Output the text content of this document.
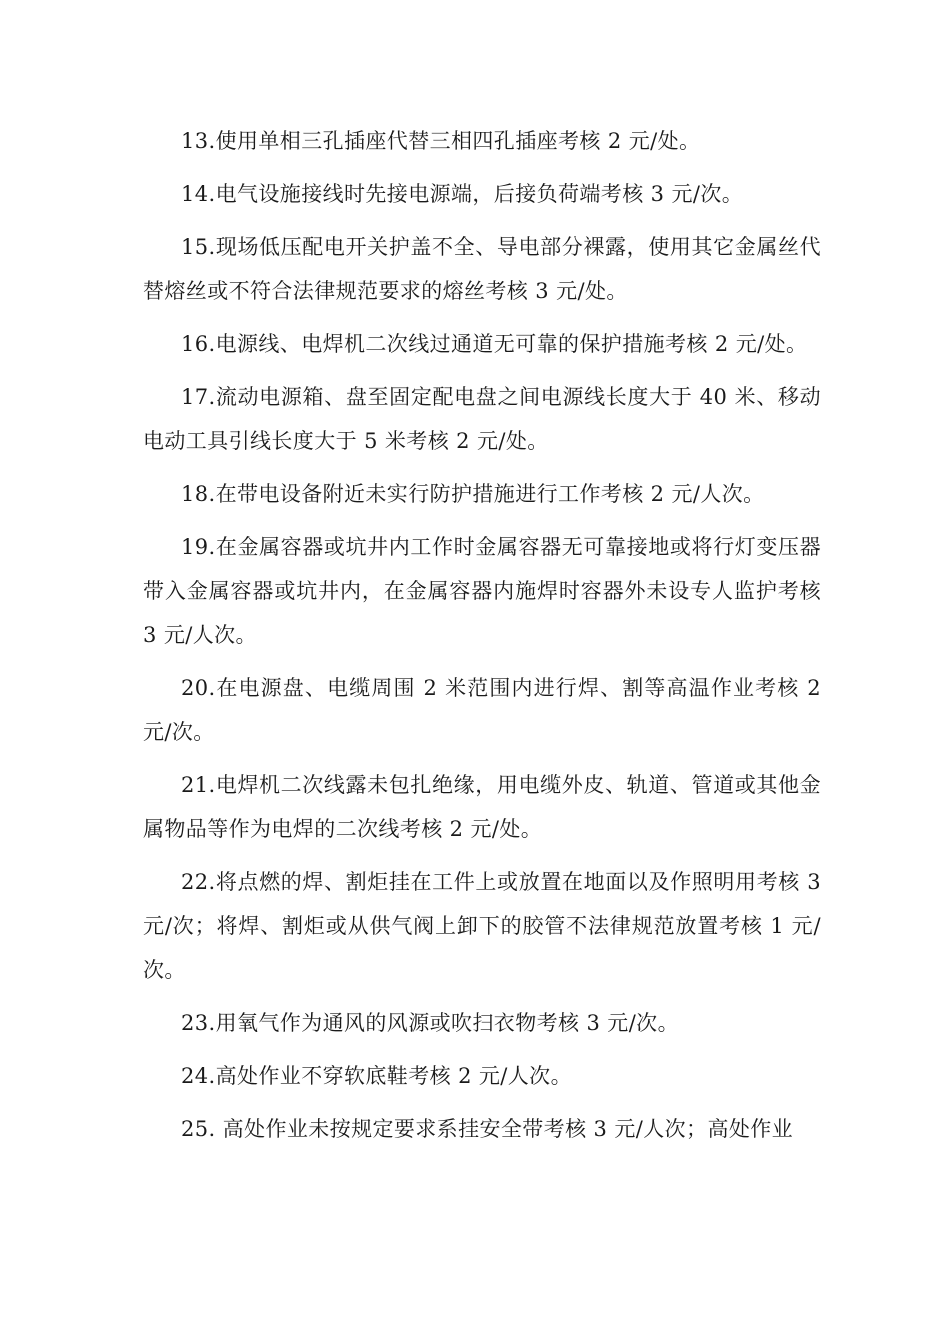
13.使用单相三孔插座代替三相四孔插座考核 2 元/处。

14.电气设施接线时先接电源端，后接负荷端考核 3 元/次。

15.现场低压配电开关护盖不全、导电部分裸露，使用其它金属丝代替熔丝或不符合法律规范要求的熔丝考核 3 元/处。

16.电源线、电焊机二次线过通道无可靠的保护措施考核 2 元/处。

17.流动电源箱、盘至固定配电盘之间电源线长度大于 40 米、移动电动工具引线长度大于 5 米考核 2 元/处。

18.在带电设备附近未实行防护措施进行工作考核 2 元/人次。

19.在金属容器或坑井内工作时金属容器无可靠接地或将行灯变压器带入金属容器或坑井内，在金属容器内施焊时容器外未设专人监护考核 3 元/人次。

20.在电源盘、电缆周围 2 米范围内进行焊、割等高温作业考核 2 元/次。

21.电焊机二次线露未包扎绝缘，用电缆外皮、轨道、管道或其他金属物品等作为电焊的二次线考核 2 元/处。

22.将点燃的焊、割炬挂在工件上或放置在地面以及作照明用考核 3 元/次；将焊、割炬或从供气阀上卸下的胶管不法律规范放置考核 1 元/次。

23.用氧气作为通风的风源或吹扫衣物考核 3 元/次。

24.高处作业不穿软底鞋考核 2 元/人次。

25. 高处作业未按规定要求系挂安全带考核 3 元/人次；高处作业
